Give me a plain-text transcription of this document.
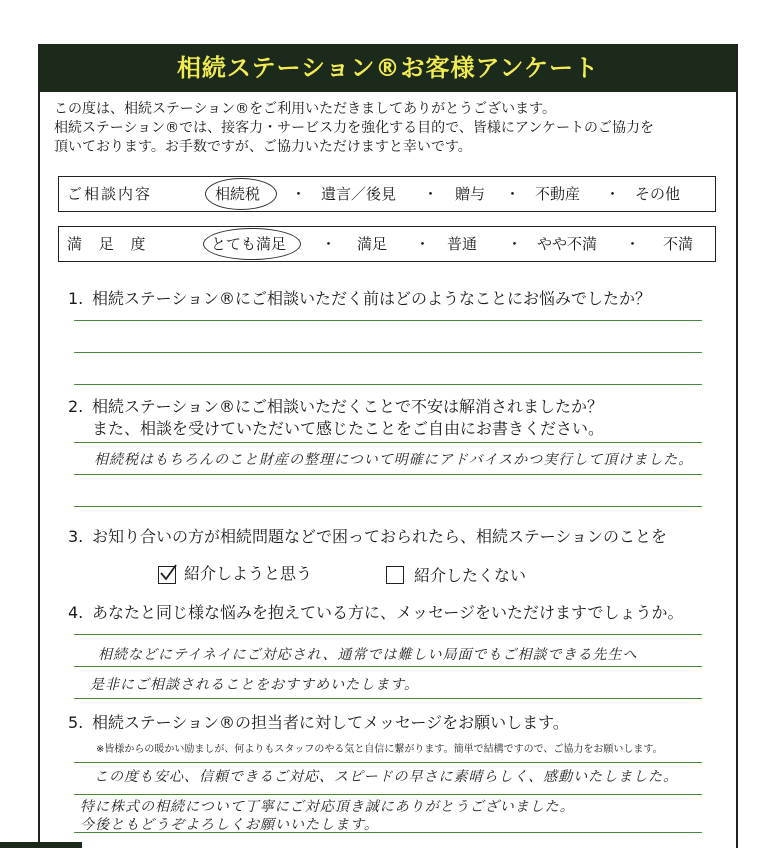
相続ステーション®お客様アンケート
この度は、相続ステーション®をご利用いただきましてありがとうございます。
相続ステーション®では、接客力・サービス力を強化する目的で、皆様にアンケートのご協力を
頂いております。お手数ですが、ご協力いただけますと幸いです。
ご相談内容	相続税 ・ 遺言／後見 ・ 贈与 ・ 不動産 ・ その他
満 足 度	とても満足 ・ 満足 ・ 普通 ・ やや不満 ・ 不満
1. 相続ステーション®にご相談いただく前はどのようなことにお悩みでしたか？
2. 相続ステーション®にご相談いただくことで不安は解消されましたか？
また、相談を受けていただいて感じたことをご自由にお書きください。
相続税はもちろんのこと財産の整理について明確にアドバイスかつ実行して頂けました。
3. お知り合いの方が相続問題などで困っておられたら、相続ステーションのことを
紹介しようと思う	紹介したくない
4. あなたと同じ様な悩みを抱えている方に、メッセージをいただけますでしょうか。
相続などにテイネイにご対応され、通常では難しい局面でもご相談できる先生へ
是非にご相談されることをおすすめいたします。
5. 相続ステーション®の担当者に対してメッセージをお願いします。
※皆様からの暖かい励ましが、何よりもスタッフのやる気と自信に繋がります。簡単で結構ですので、ご協力をお願いします。
この度も安心、信頼できるご対応、スピードの早さに素晴らしく、感動いたしました。
特に株式の相続について丁寧にご対応頂き誠にありがとうございました。
今後ともどうぞよろしくお願いいたします。
